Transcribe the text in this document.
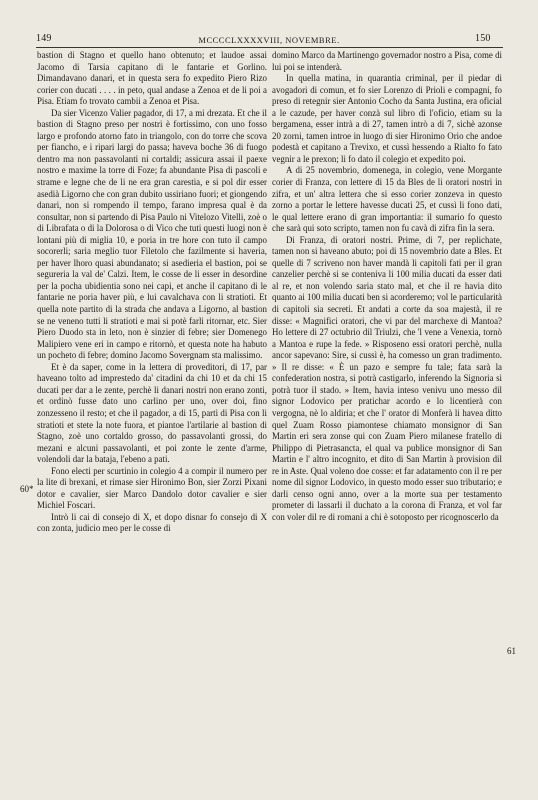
149	MCCCCLXXXXVIII, NOVEMBRE.	150
60*
61

bastion di Stagno et quello hano obtenuto; et laudoe assai Jacomo di Tarsia capitano di le fantarie et Gorlino. Dimandavano danari, et in questa sera fo expedito Piero Rizo corier con ducati . . . . in peto, qual andase a Zenoa et de li poi a Pisa. Etiam fo trovato cambii a Zenoa et Pisa.

Da sier Vicenzo Valier pagador, di 17, a mi drezata. Et che il bastion di Stagno preso per nostri è fortissimo, con uno fosso largo e profondo atorno fato in triangolo, con do torre che scova per fiancho, e i ripari largi do passa; haveva boche 36 di fuogo dentro ma non passavolanti ni cortaldi; assicura assai il paexe nostro e maxime la torre di Foze; fa abundante Pisa di pascoli e strame e legne che de li ne era gran carestia, e si pol dir esser asedià Ligorno che con gran dubito ussiriano fuori; et giongendo danari, non si rompendo il tempo, farano impresa qual è da consultar, non si partendo di Pisa Paulo ni Vitelozo Vitelli, zoè o di Librafata o di la Dolorosa o di Vico che tuti questi luogi non è lontani più di miglia 10, e poria in tre hore con tuto il campo socorerli; saria meglio tuor Filetolo che fazilmente si haveria, per haver lhoro quasi abundanato; si asedieria el bastion, poi se segureria la val de' Calzi. Item, le cosse de li esser in desordine per la pocha ubidientia sono nei capi, et anche il capitano di le fantarie ne poria haver più, e lui cavalchava con li stratioti. Et quella note partito di la strada che andava a Ligorno, al bastion se ne veneno tutti li stratioti e mai si potè farli ritornar, etc. Sier Piero Duodo sta in leto, non è sinzier di febre; sier Domenego Malipiero vene eri in campo e ritornò, et questa note ha habuto un pocheto di febre; domino Jacomo Sovergnam sta malissimo.

Et è da saper, come in la lettera di proveditori, di 17, par haveano tolto ad imprestedo da' citadini da chi 10 et da chi 15 ducati per dar a le zente, perchè li danari nostri non erano zonti, et ordinò fusse dato uno carlino per uno, over doi, fino zonzesseno il resto; et che il pagador, a di 15, partì di Pisa con li stratioti et stete la note fuora, et piantoe l'artilarie al bastion di Stagno, zoè uno cortaldo grosso, do passavolanti grossi, do mezani e alcuni passavolanti, et poi zonte le zente d'arme, volendoli dar la bataja, l'ebeno a pati.

Fono electi per scurtinio in colegio 4 a compir il numero per la lite di brexani, et rimase sier Hironimo Bon, sier Zorzi Pixani dotor e cavalier, sier Marco Dandolo dotor cavalier e sier Michiel Foscari.

Intrò li cai di consejo di X, et dopo disnar fo consejo di X con zonta, judicio meo per le cosse di

domino Marco da Martinengo governador nostro a Pisa, come di lui poi se intenderà.

In quella matina, in quarantia criminal, per il piedar di avogadori di comun, et fo sier Lorenzo di Prioli e compagni, fo preso di retegnir sier Antonio Cocho da Santa Justina, era oficial a le cazude, per haver conzà sul libro di l'oficio, etiam su la bergamena, esser intrà a di 27, tamen intrò a di 7, sichè azonse 20 zorni, tamen introe in luogo di sier Hironimo Orio che andoe podestà et capitano a Trevixo, et cussì hessendo a Rialto fo fato vegnir a le prexon; li fo dato il colegio et expedito poi.

A di 25 novembrio, domenega, in colegio, vene Morgante corier di Franza, con lettere di 15 da Bles de li oratori nostri in zifra, et un' altra lettera che si esso corier zonzeva in questo zorno a portar le lettere havesse ducati 25, et cussì li fono dati, le qual lettere erano di gran importantia: il sumario fo questo che sarà qui soto scripto, tamen non fu cavà di zifra fin la sera.

Di Franza, di oratori nostri. Prime, di 7, per replichate, tamen non si haveano abuto; poi di 15 novembrio date a Bles. Et quelle di 7 scriveno non haver mandà li capitoli fati per il gran canzelier perchè si se conteniva li 100 milia ducati da esser dati al re, et non volendo saria stato mal, et che il re havia dito quanto ai 100 milia ducati ben si acorderemo; vol le particularità di capitoli sia secreti. Et andati a corte da soa majestà, il re disse: « Magnifici oratori, che vi par del marchexe di Mantoa? Ho lettere di 27 octubrio dil Triulzi, che 'l vene a Venexia, tornò a Mantoa e rupe la fede. » Risposeno essi oratori perchè, nulla ancor sapevano: Sire, si cussì è, ha comesso un gran tradimento. » Il re disse: « È un pazo e sempre fu tale; fata sarà la confederation nostra, si potrà castigarlo, inferendo la Signoria si potrà tuor il stado. » Item, havia inteso venivu uno messo dil signor Lodovico per pratichar acordo e lo licentierà con vergogna, nè lo aldiria; et che l' orator di Monferà li havea ditto quel Zuam Rosso piamontese chiamato monsignor di San Martin eri sera zonse qui con Zuam Piero milanese fratello di Philippo di Pietrasancta, el qual va publice monsignor di San Martin e l' altro incognito, et dito di San Martin à provision dil re in Aste. Qual voleno doe cosse: et far adatamento con il re per nome dil signor Lodovico, in questo modo esser suo tributario; e darli censo ogni anno, over a la morte sua per testamento prometer di lassarli il duchato a la corona di Franza, et vol far con voler dil re di romani a chi è sotoposto per ricognoscerlo da
